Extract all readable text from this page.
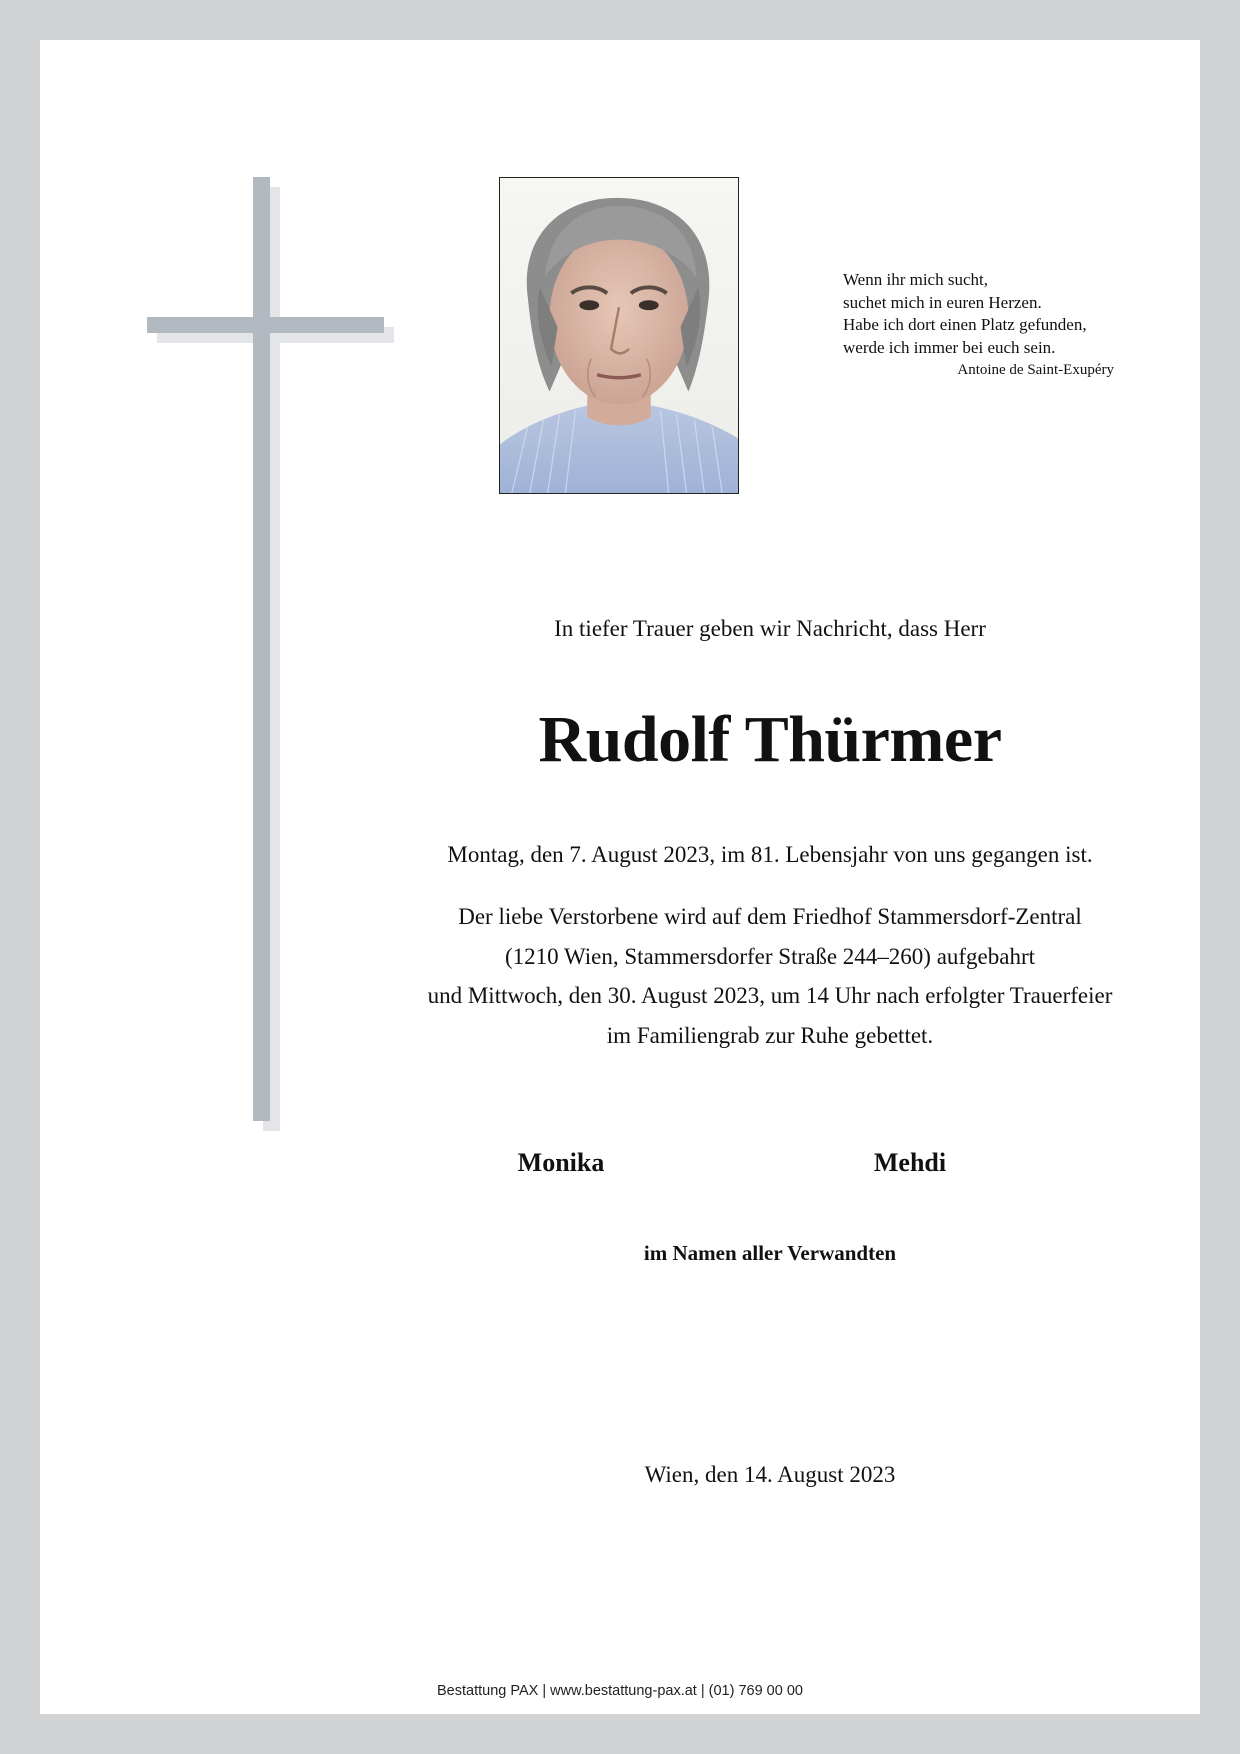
Wenn ihr mich sucht,
suchet mich in euren Herzen.
Habe ich dort einen Platz gefunden,
werde ich immer bei euch sein.
Antoine de Saint-Exupéry
In tiefer Trauer geben wir Nachricht, dass Herr
Rudolf Thürmer
Montag, den 7. August 2023, im 81. Lebensjahr von uns gegangen ist.
Der liebe Verstorbene wird auf dem Friedhof Stammersdorf-Zentral
(1210 Wien, Stammersdorfer Straße 244–260) aufgebahrt
und Mittwoch, den 30. August 2023, um 14 Uhr nach erfolgter Trauerfeier
im Familiengrab zur Ruhe gebettet.
Monika	Mehdi
im Namen aller Verwandten
Wien, den 14. August 2023
Bestattung PAX | www.bestattung-pax.at | (01) 769 00 00
